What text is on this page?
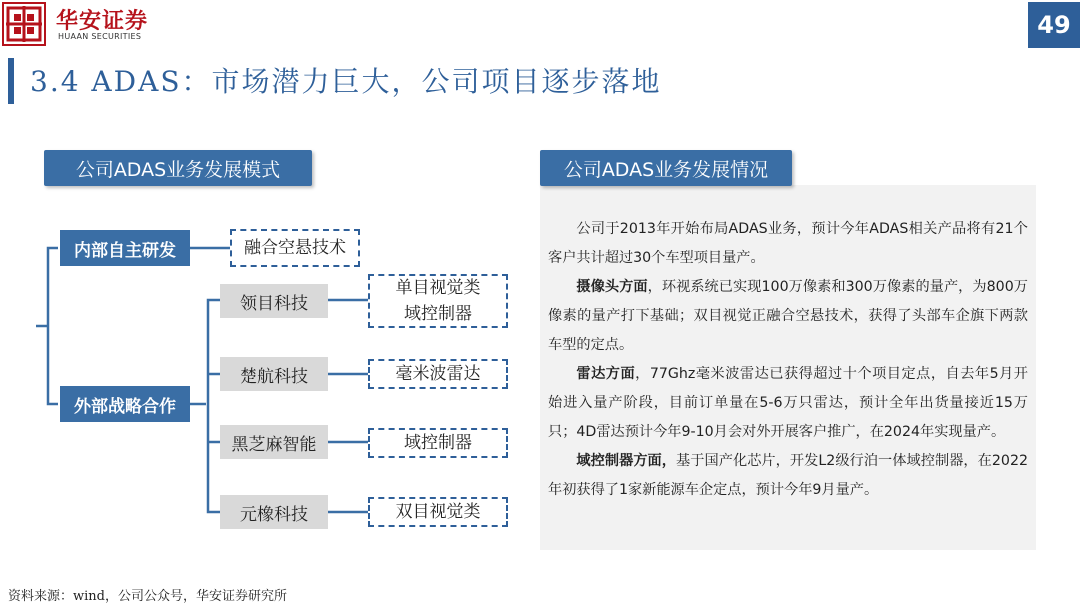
华安证券
HUAAN SECURITIES	49
3.4 ADAS：市场潜力巨大，公司项目逐步落地
公司ADAS业务发展模式
内部自主研发	融合空悬技术
外部战略合作
领目科技
单目视觉类
域控制器
楚航科技	毫米波雷达
黑芝麻智能	域控制器
元橡科技	双目视觉类

公司于2013年开始布局ADAS业务，预计今年ADAS相关产品将有21个客户共计超过30个车型项目量产。

摄像头方面，环视系统已实现100万像素和300万像素的量产，为800万像素的量产打下基础；双目视觉正融合空悬技术，获得了头部车企旗下两款车型的定点。

雷达方面，77Ghz毫米波雷达已获得超过十个项目定点，自去年5月开始进入量产阶段，目前订单量在5-6万只雷达，预计全年出货量接近15万只；4D雷达预计今年9-10月会对外开展客户推广，在2024年实现量产。

域控制器方面，基于国产化芯片，开发L2级行泊一体域控制器，在2022年初获得了1家新能源车企定点，预计今年9月量产。

公司ADAS业务发展情况
资料来源：wind，公司公众号，华安证券研究所
